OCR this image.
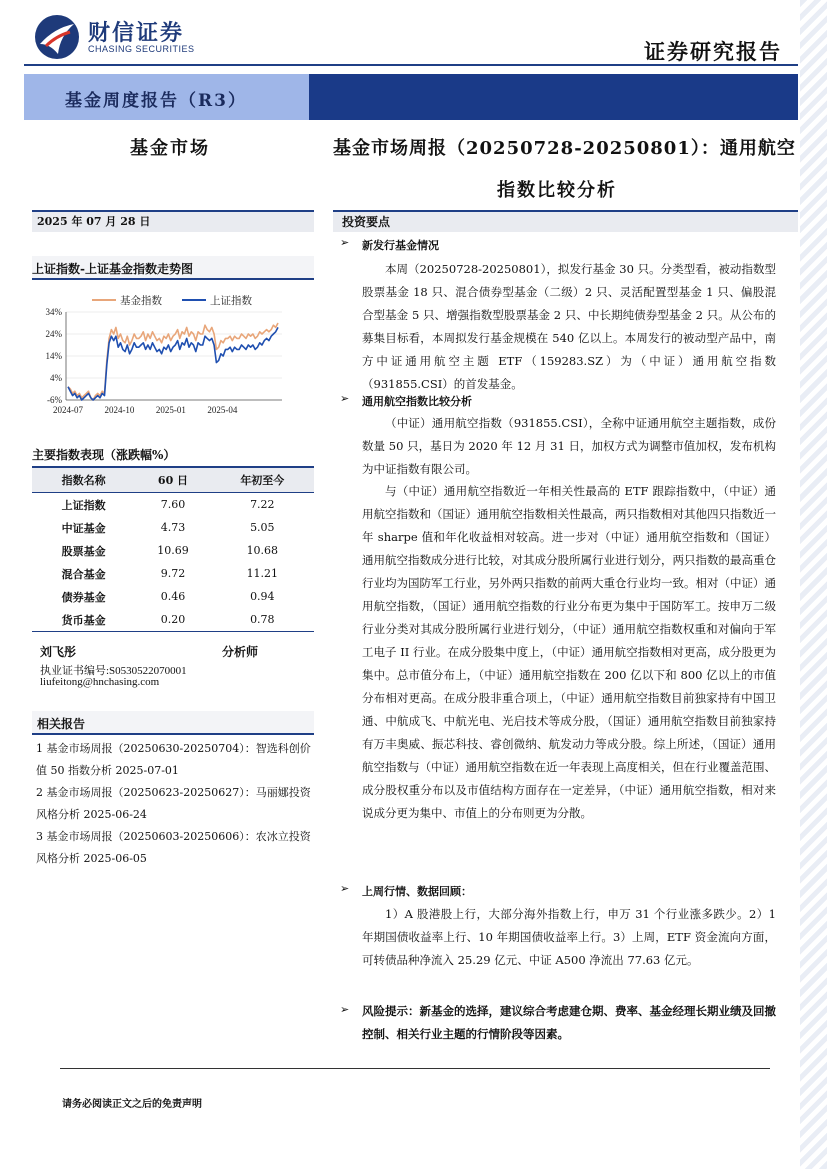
财信证券
CHASING SECURITIES	证券研究报告
基金周度报告（R3）
基金市场	基金市场周报（20250728-20250801）：通用航空
指数比较分析
2025 年 07 月 28 日
上证指数-上证基金指数走势图
-6%
4%
14%
24%
34%
2024-07 2024-10 2025-01 2025-04
基金指数	上证指数
主要指数表现（涨跌幅%）
指数名称	60 日	年初至今
上证指数	7.60	7.22
中证基金	4.73	5.05
股票基金	10.69	10.68
混合基金	9.72	11.21
债券基金	0.46	0.94
货币基金	0.20	0.78
刘飞彤	分析师
执业证书编号:S0530522070001
liufeitong@hnchasing.com
相关报告
1 基金市场周报（20250630-20250704）：智选科创价值 50 指数分析 2025-07-01
2 基金市场周报（20250623-20250627）：马丽娜投资风格分析 2025-06-24
3 基金市场周报（20250603-20250606）：农冰立投资风格分析 2025-06-05
投资要点
➢ 新发行基金情况
本周（20250728-20250801），拟发行基金 30 只。分类型看，被动指数型股票基金 18 只、混合债券型基金（二级）2 只、灵活配置型基金 1 只、偏股混合型基金 5 只、增强指数型股票基金 2 只、中长期纯债券型基金 2 只。从公布的募集目标看，本周拟发行基金规模在 540 亿以上。本周发行的被动型产品中，南方中证通用航空主题 ETF（159283.SZ）为（中证）通用航空指数（931855.CSI）的首发基金。
➢ 通用航空指数比较分析
（中证）通用航空指数（931855.CSI），全称中证通用航空主题指数，成份数量 50 只，基日为 2020 年 12 月 31 日，加权方式为调整市值加权，发布机构为中证指数有限公司。
与（中证）通用航空指数近一年相关性最高的 ETF 跟踪指数中，（中证）通用航空指数和（国证）通用航空指数相关性最高，两只指数相对其他四只指数近一年 sharpe 值和年化收益相对较高。进一步对（中证）通用航空指数和（国证）通用航空指数成分进行比较，对其成分股所属行业进行划分，两只指数的最高重仓行业均为国防军工行业，另外两只指数的前两大重仓行业均一致。相对（中证）通用航空指数，（国证）通用航空指数的行业分布更为集中于国防军工。按申万二级行业分类对其成分股所属行业进行划分，（中证）通用航空指数权重和对偏向于军工电子 II 行业。在成分股集中度上，（中证）通用航空指数相对更高，成分股更为集中。总市值分布上，（中证）通用航空指数在 200 亿以下和 800 亿以上的市值分布相对更高。在成分股非重合项上，（中证）通用航空指数目前独家持有中国卫通、中航成飞、中航光电、光启技术等成分股，（国证）通用航空指数目前独家持有万丰奥威、振芯科技、睿创微纳、航发动力等成分股。综上所述，（国证）通用航空指数与（中证）通用航空指数在近一年表现上高度相关，但在行业覆盖范围、成分股权重分布以及市值结构方面存在一定差异，（中证）通用航空指数，相对来说成分更为集中、市值上的分布则更为分散。
➢ 上周行情、数据回顾：
1）A 股港股上行，大部分海外指数上行，申万 31 个行业涨多跌少。2）1 年期国债收益率上行、10 年期国债收益率上行。3）上周，ETF 资金流向方面，可转债品种净流入 25.29 亿元、中证 A500 净流出 77.63 亿元。
➢ 风险提示：新基金的选择，建议综合考虑建仓期、费率、基金经理长期业绩及回撤控制、相关行业主题的行情阶段等因素。
请务必阅读正文之后的免责声明
